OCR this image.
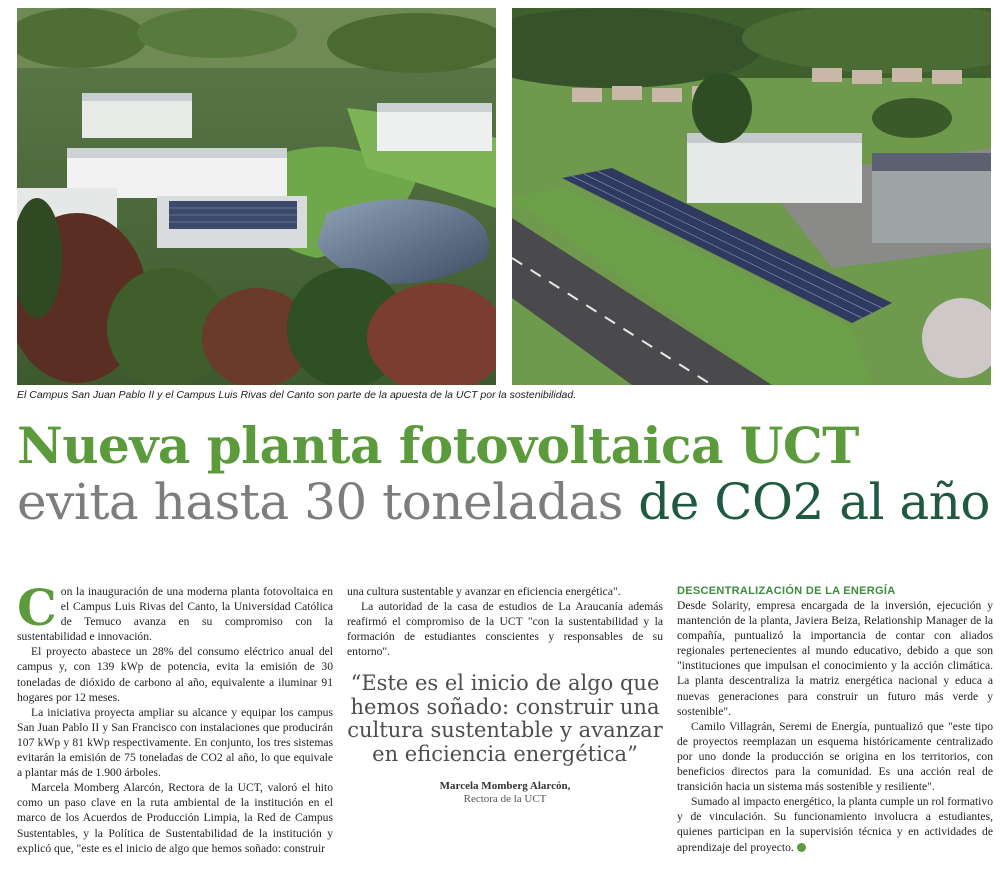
El Campus San Juan Pablo II y el Campus Luis Rivas del Canto son parte de la apuesta de la UCT por la sostenibilidad.
Nueva planta fotovoltaica UCT evita hasta 30 toneladas de CO2 al año

Con la inauguración de una moderna planta fotovoltaica en el Campus Luis Rivas del Canto, la Universidad Católica de Temuco avanza en su compromiso con la sustentabilidad e innovación.

El proyecto abastece un 28% del consumo eléctrico anual del campus y, con 139 kWp de potencia, evita la emisión de 30 toneladas de dióxido de carbono al año, equivalente a iluminar 91 hogares por 12 meses.

La iniciativa proyecta ampliar su alcance y equipar los campus San Juan Pablo II y San Francisco con instalaciones que producirán 107 kWp y 81 kWp respectivamente. En conjunto, los tres sistemas evitarán la emisión de 75 toneladas de CO2 al año, lo que equivale a plantar más de 1.900 árboles.

Marcela Momberg Alarcón, Rectora de la UCT, valoró el hito como un paso clave en la ruta ambiental de la institución en el marco de los Acuerdos de Producción Limpia, la Red de Campus Sustentables, y la Política de Sustentabilidad de la institución y explicó que, "este es el inicio de algo que hemos soñado: construir

una cultura sustentable y avanzar en eficiencia energética".

La autoridad de la casa de estudios de La Araucanía además reafirmó el compromiso de la UCT "con la sustentabilidad y la formación de estudiantes conscientes y responsables de su entorno".

“Este es el inicio de algo que hemos soñado: construir una cultura sustentable y avanzar en eficiencia energética”
Marcela Momberg Alarcón,
Rectora de la UCT
DESCENTRALIZACIÓN DE LA ENERGÍA

Desde Solarity, empresa encargada de la inversión, ejecución y mantención de la planta, Javiera Beiza, Relationship Manager de la compañía, puntualizó la importancia de contar con aliados regionales pertenecientes al mundo educativo, debido a que son "instituciones que impulsan el conocimiento y la acción climática. La planta descentraliza la matriz energética nacional y educa a nuevas generaciones para construir un futuro más verde y sostenible".

Camilo Villagrán, Seremi de Energía, puntualizó que "este tipo de proyectos reemplazan un esquema históricamente centralizado por uno donde la producción se origina en los territorios, con beneficios directos para la comunidad. Es una acción real de transición hacia un sistema más sostenible y resiliente".

Sumado al impacto energético, la planta cumple un rol formativo y de vinculación. Su funcionamiento involucra a estudiantes, quienes participan en la supervisión técnica y en actividades de aprendizaje del proyecto.
